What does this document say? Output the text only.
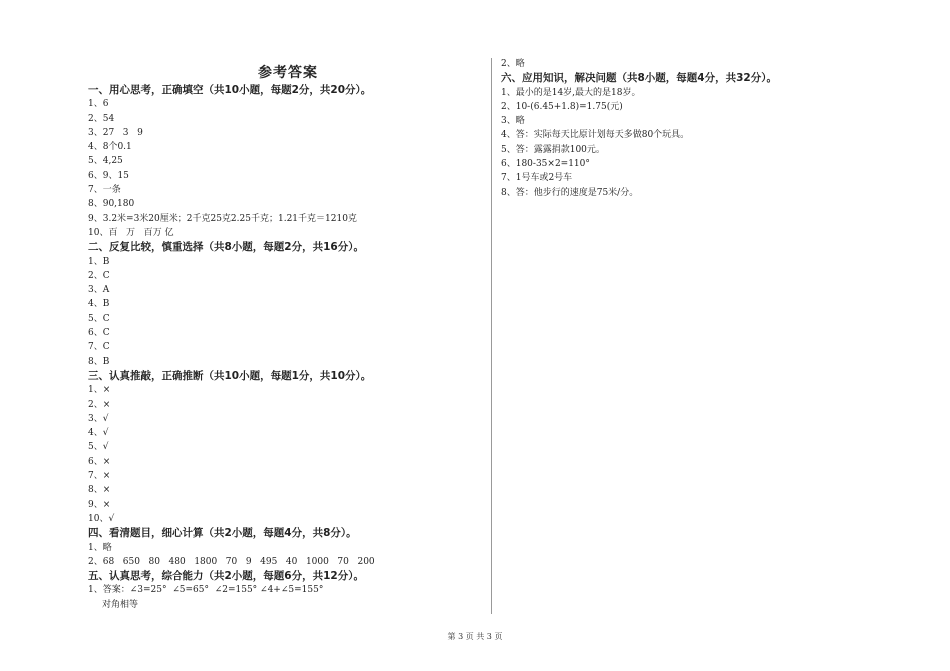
参考答案
一、用心思考，正确填空（共10小题，每题2分，共20分）。
1、6
2、54
3、27   3   9
4、8个0.1
5、4,25
6、9、15
7、一条
8、90,180
9、3.2米=3米20厘米；2千克25克2.25千克；1.21千克＝1210克
10、百   万   百万 亿
二、反复比较，慎重选择（共8小题，每题2分，共16分）。
1、B
2、C
3、A
4、B
5、C
6、C
7、C
8、B
三、认真推敲，正确推断（共10小题，每题1分，共10分）。
1、×
2、×
3、√
4、√
5、√
6、×
7、×
8、×
9、×
10、√
四、看清题目，细心计算（共2小题，每题4分，共8分）。
1、略
2、68   650   80   480   1800   70   9   495   40   1000   70   200
五、认真思考，综合能力（共2小题，每题6分，共12分）。
1、答案：∠3=25°  ∠5=65°  ∠2=155° ∠4+∠5=155°
对角相等
2、略
六、应用知识，解决问题（共8小题，每题4分，共32分）。
1、最小的是14岁,最大的是18岁。
2、10-(6.45+1.8)=1.75(元)
3、略
4、答：实际每天比原计划每天多做80个玩具。
5、答：露露捐款100元。
6、180-35×2=110°
7、1号车或2号车
8、答：他步行的速度是75米/分。
第 3 页 共 3 页
